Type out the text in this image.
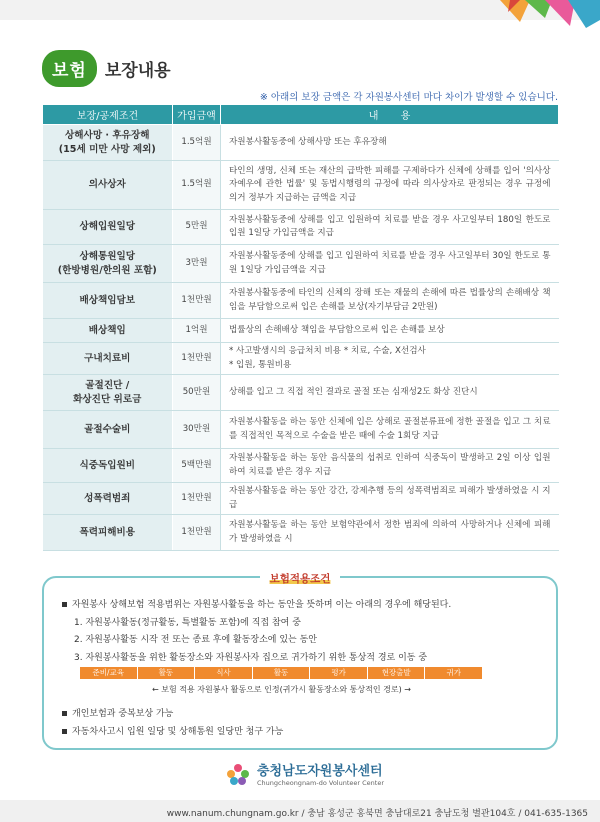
보험	보장내용
※ 아래의 보장 금액은 각 자원봉사센터 마다 차이가 발생할 수 있습니다.
보장/공제조건	가입금액	내       용

상해사망 · 후유장해
(15세 미만 사망 제외)	1.5억원	자원봉사활동중에 상해사망 또는 후유장해

의사상자	1.5억원	타인의 생명, 신체 또는 재산의 급박한 피해를 구제하다가 신체에 상해를 입어 '의사상자예우에 관한 법률' 및 동법시행령의 규정에 따라 의사상자로 판정되는 경우 규정에 의거 정부가 지급하는 금액을 지급

상해입원일당	5만원	자원봉사활동중에 상해를 입고 입원하여 치료를 받을 경우 사고일부터 180일 한도로 입원 1일당 가입금액을 지급

상해통원일당
(한방병원/한의원 포함)	3만원	자원봉사활동중에 상해를 입고 입원하여 치료를 받을 경우 사고일부터 30일 한도로 통원 1일당 가입금액을 지급

배상책임담보	1천만원	자원봉사활동중에 타인의 신체의 장해 또는 재물의 손해에 따른 법률상의 손해배상 책임을 부담함으로써 입은 손해를 보상(자기부담금 2만원)

배상책임	1억원	법률상의 손해배상 책임을 부담함으로써 입은 손해를 보상

구내치료비	1천만원	* 사고발생시의 응급처치 비용 * 치료, 수술, X선검사
* 입원, 통원비용

골절진단 /
화상진단 위로금	50만원	상해를 입고 그 직접 적인 결과로 골절 또는 심재성2도 화상 진단시

골절수술비	30만원	자원봉사활동을 하는 동안 신체에 입은 상해로 골절분류표에 정한 골절을 입고 그 치료를 직접적인 목적으로 수술을 받은 때에 수술 1회당 지급

식중독입원비	5백만원	자원봉사활동을 하는 동안 음식물의 섭취로 인하여 식중독이 발생하고 2일 이상 입원하여 치료를 받은 경우 지급

성폭력범죄	1천만원	자원봉사활동을 하는 동안 강간, 강제추행 등의 성폭력범죄로 피해가 발생하였을 시 지급

폭력피해비용	1천만원	자원봉사활동을 하는 동안 보험약관에서 정한 범죄에 의하여 사망하거나 신체에 피해가 발생하였을 시
보험적용조건
자원봉사 상해보험 적용범위는 자원봉사활동을 하는 동안을 뜻하며 이는 아래의 경우에 해당된다.
1. 자원봉사활동(정규활동, 특별활동 포함)에 직접 참여 중
2. 자원봉사활동 시작 전 또는 종료 후에 활동장소에 있는 동안
3. 자원봉사활동을 위한 활동장소와 자원봉사자 집으로 귀가하기 위한 통상적 경로 이동 중
준비/교육	활동	식사	활동	평가	현장출발	귀가
← 보험 적용 자원봉사 활동으로 인정(귀가시 활동장소와 통상적인 경로) →
개인보험과 중복보상 가능
자동차사고시 입원 일당 및 상해통원 일당만 청구 가능
충청남도자원봉사센터
Chungcheongnam-do Volunteer Center
www.nanum.chungnam.go.kr / 충남 홍성군 홍북면 충남대로21 충남도청 별관104호 / 041-635-1365
